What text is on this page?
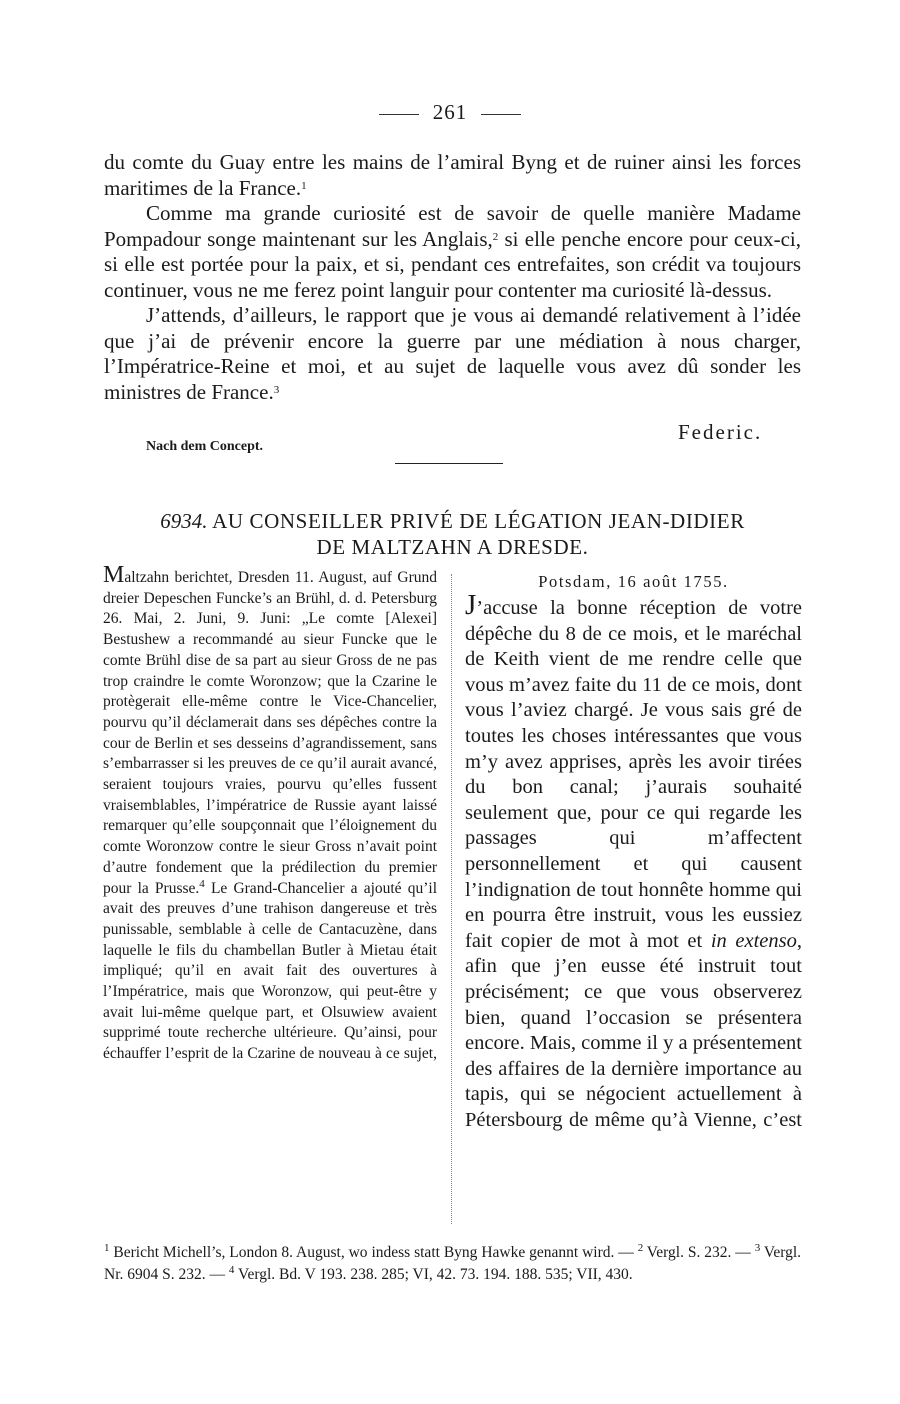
261

du comte du Guay entre les mains de l’amiral Byng et de ruiner ainsi les forces maritimes de la France.$^1$

Comme ma grande curiosité est de savoir de quelle manière Madame Pompadour songe maintenant sur les Anglais,$^2$ si elle penche encore pour ceux-ci, si elle est portée pour la paix, et si, pendant ces entrefaites, son crédit va toujours continuer, vous ne me ferez point languir pour contenter ma curiosité là-dessus.

J’attends, d’ailleurs, le rapport que je vous ai demandé relativement à l’idée que j’ai de prévenir encore la guerre par une médiation à nous charger, l’Impératrice-Reine et moi, et au sujet de laquelle vous avez dû sonder les ministres de France.$^3$

Federic.
Nach dem Concept.
6934. AU CONSEILLER PRIVÉ DE LÉGATION JEAN-DIDIER
DE MALTZAHN A DRESDE.
Maltzahn berichtet, Dresden 11. August, auf Grund dreier Depeschen Funcke’s an Brühl, d. d. Petersburg 26. Mai, 2. Juni, 9. Juni: „Le comte [Alexei] Bestushew a recommandé au sieur Funcke que le comte Brühl dise de sa part au sieur Gross de ne pas trop craindre le comte Woronzow; que la Czarine le protègerait elle-même contre le Vice-Chancelier, pourvu qu’il déclamerait dans ses dépêches contre la cour de Berlin et ses desseins d’agrandissement, sans s’embarrasser si les preuves de ce qu’il aurait avancé, seraient toujours vraies, pourvu qu’elles fussent vraisemblables, l’impératrice de Russie ayant laissé remarquer qu’elle soupçonnait que l’éloignement du comte Woronzow contre le sieur Gross n’avait point d’autre fondement que la prédilection du premier pour la Prusse.$^4$ Le Grand-Chancelier a ajouté qu’il avait des preuves d’une trahison dangereuse et très punissable, semblable à celle de Cantacuzène, dans laquelle le fils du chambellan Butler à Mietau était impliqué; qu’il en avait fait des ouvertures à l’Impératrice, mais que Woronzow, qui peut-être y avait lui-même quelque part, et Olsuwiew avaient supprimé toute recherche ultérieure. Qu’ainsi, pour échauffer l’esprit de la Czarine de nouveau à ce sujet,
Potsdam, 16 août 1755.
J’accuse la bonne réception de votre dépêche du 8 de ce mois, et le maréchal de Keith vient de me rendre celle que vous m’avez faite du 11 de ce mois, dont vous l’aviez chargé. Je vous sais gré de toutes les choses intéressantes que vous m’y avez apprises, après les avoir tirées du bon canal; j’aurais souhaité seulement que, pour ce qui regarde les passages qui m’affectent personnellement et qui causent l’indignation de tout honnête homme qui en pourra être instruit, vous les eussiez fait copier de mot à mot et in extenso, afin que j’en eusse été instruit tout précisément; ce que vous observerez bien, quand l’occasion se présentera encore. Mais, comme il y a présentement des affaires de la dernière importance au tapis, qui se négocient actuellement à Pétersbourg de même qu’à Vienne, c’est
$^1$ Bericht Michell’s, London 8. August, wo indess statt Byng Hawke genannt wird. — $^2$ Vergl. S. 232. — $^3$ Vergl. Nr. 6904 S. 232. — $^4$ Vergl. Bd. V 193. 238. 285; VI, 42. 73. 194. 188. 535; VII, 430.
